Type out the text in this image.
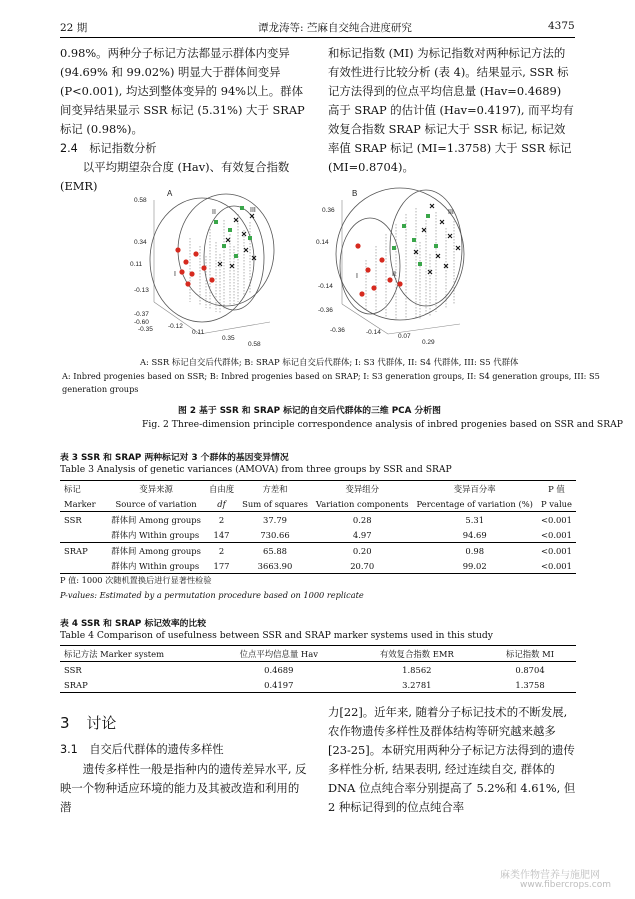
22 期	谭龙涛等: 苎麻自交纯合进度研究	4375

0.98%。两种分子标记方法都显示群体内变异 (94.69% 和 99.02%) 明显大于群体间变异 (P<0.001), 均达到整体变异的 94%以上。群体间变异结果显示 SSR 标记 (5.31%) 大于 SRAP 标记 (0.98%)。

2.4 标记指数分析

以平均期望杂合度 (Hav)、有效复合指数 (EMR)

和标记指数 (MI) 为标记指数对两种标记方法的有效性进行比较分析 (表 4)。结果显示, SSR 标记方法得到的位点平均信息量 (Hav=0.4689) 高于 SRAP 的估计值 (Hav=0.4197), 而平均有效复合指数 SRAP 标记大于 SSR 标记, 标记效率值 SRAP 标记 (MI=1.3758) 大于 SSR 标记 (MI=0.8704)。

A
0.58
0.34
0.11
-0.13
-0.37
-0.60
-0.35 -0.12
0.11
0.35
0.58
I
II	III
B
0.36
0.14
-0.14
-0.36
-0.36	-0.14
0.07
0.29
I	II
III
A: SSR 标记自交后代群体; B: SRAP 标记自交后代群体; I: S3 代群体, II: S4 代群体, III: S5 代群体
A: Inbred progenies based on SSR; B: Inbred progenies based on SRAP; I: S3 generation groups, II: S4 generation groups, III: S5 generation groups
图 2 基于 SSR 和 SRAP 标记的自交后代群体的三维 PCA 分析图
Fig. 2 Three-dimension principle correspondence analysis of inbred progenies based on SSR and SRAP
表 3 SSR 和 SRAP 两种标记对 3 个群体的基因变异情况
Table 3 Analysis of genetic variances (AMOVA) from three groups by SSR and SRAP
标记	变异来源	自由度	方差和	变异组分	变异百分率	P 值
Marker	Source of variation	df	Sum of squares	Variation components	Percentage of variation (%)	P value
SSR	群体间 Among groups	2	37.79	0.28	5.31	<0.001
	群体内 Within groups	147	730.66	4.97	94.69	<0.001
SRAP	群体间 Among groups	2	65.88	0.20	0.98	<0.001
	群体内 Within groups	177	3663.90	20.70	99.02	<0.001
P 值: 1000 次随机置换后进行显著性检验
P-values: Estimated by a permutation procedure based on 1000 replicate
表 4 SSR 和 SRAP 标记效率的比较
Table 4 Comparison of usefulness between SSR and SRAP marker systems used in this study
标记方法 Marker system	位点平均信息量 Hav	有效复合指数 EMR	标记指数 MI
SSR	0.4689	1.8562	0.8704
SRAP	0.4197	3.2781	1.3758
3 讨论
3.1 自交后代群体的遗传多样性
遗传多样性一般是指种内的遗传差异水平, 反映一个物种适应环境的能力及其被改造和利用的潜
力[22]。近年来, 随着分子标记技术的不断发展, 农作物遗传多样性及群体结构等研究越来越多[23-25]。本研究用两种分子标记方法得到的遗传多样性分析, 结果表明, 经过连续自交, 群体的 DNA 位点纯合率分别提高了 5.2%和 4.61%, 但 2 种标记得到的位点纯合率
麻类作物营养与施肥网
www.fibercrops.com
